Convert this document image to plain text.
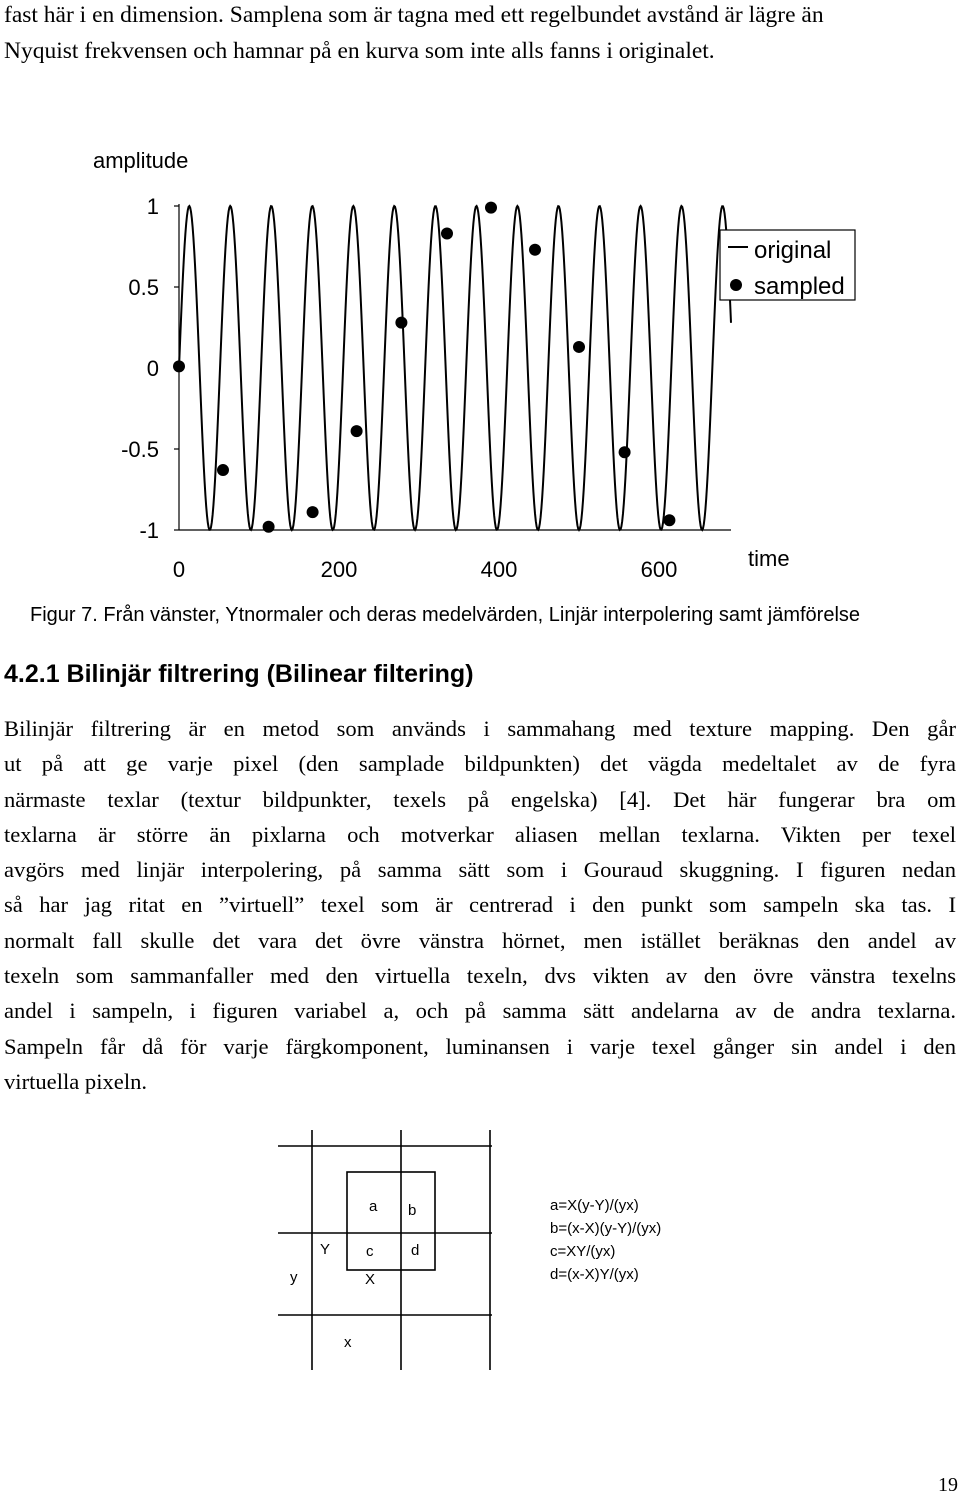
fast här i en dimension. Samplena som är tagna med ett regelbundet avstånd är lägre än
Nyquist frekvensen och hamnar på en kurva som inte alls fanns i originalet.

1
0.5
0
-0.5
-1
0	200	400	600
amplitude
time
original
sampled
Figur 7. Från vänster, Ytnormaler och deras medelvärden, Linjär interpolering samt jämförelse
4.2.1 Bilinjär filtrering (Bilinear filtering)

Bilinjär filtrering är en metod som används i sammahang med texture mapping. Den går
ut på att ge varje pixel (den samplade bildpunkten) det vägda medeltalet av de fyra
närmaste texlar (textur bildpunkter, texels på engelska) [4]. Det här fungerar bra om
texlarna är större än pixlarna och motverkar aliasen mellan texlarna. Vikten per texel
avgörs med linjär interpolering, på samma sätt som i Gouraud skuggning. I figuren nedan
så har jag ritat en ”virtuell” texel som är centrerad i den punkt som sampeln ska tas. I
normalt fall skulle det vara det övre vänstra hörnet, men istället beräknas den andel av
texeln som sammanfaller med den virtuella texeln, dvs vikten av den övre vänstra texelns
andel i sampeln, i figuren variabel a, och på samma sätt andelarna av de andra texlarna.
Sampeln får då för varje färgkomponent, luminansen i varje texel gånger sin andel i den
virtuella pixeln.

a b
c	d
Y
X
y
x
a=X(y-Y)/(yx)
b=(x-X)(y-Y)/(yx)
c=XY/(yx)
d=(x-X)Y/(yx)
19
